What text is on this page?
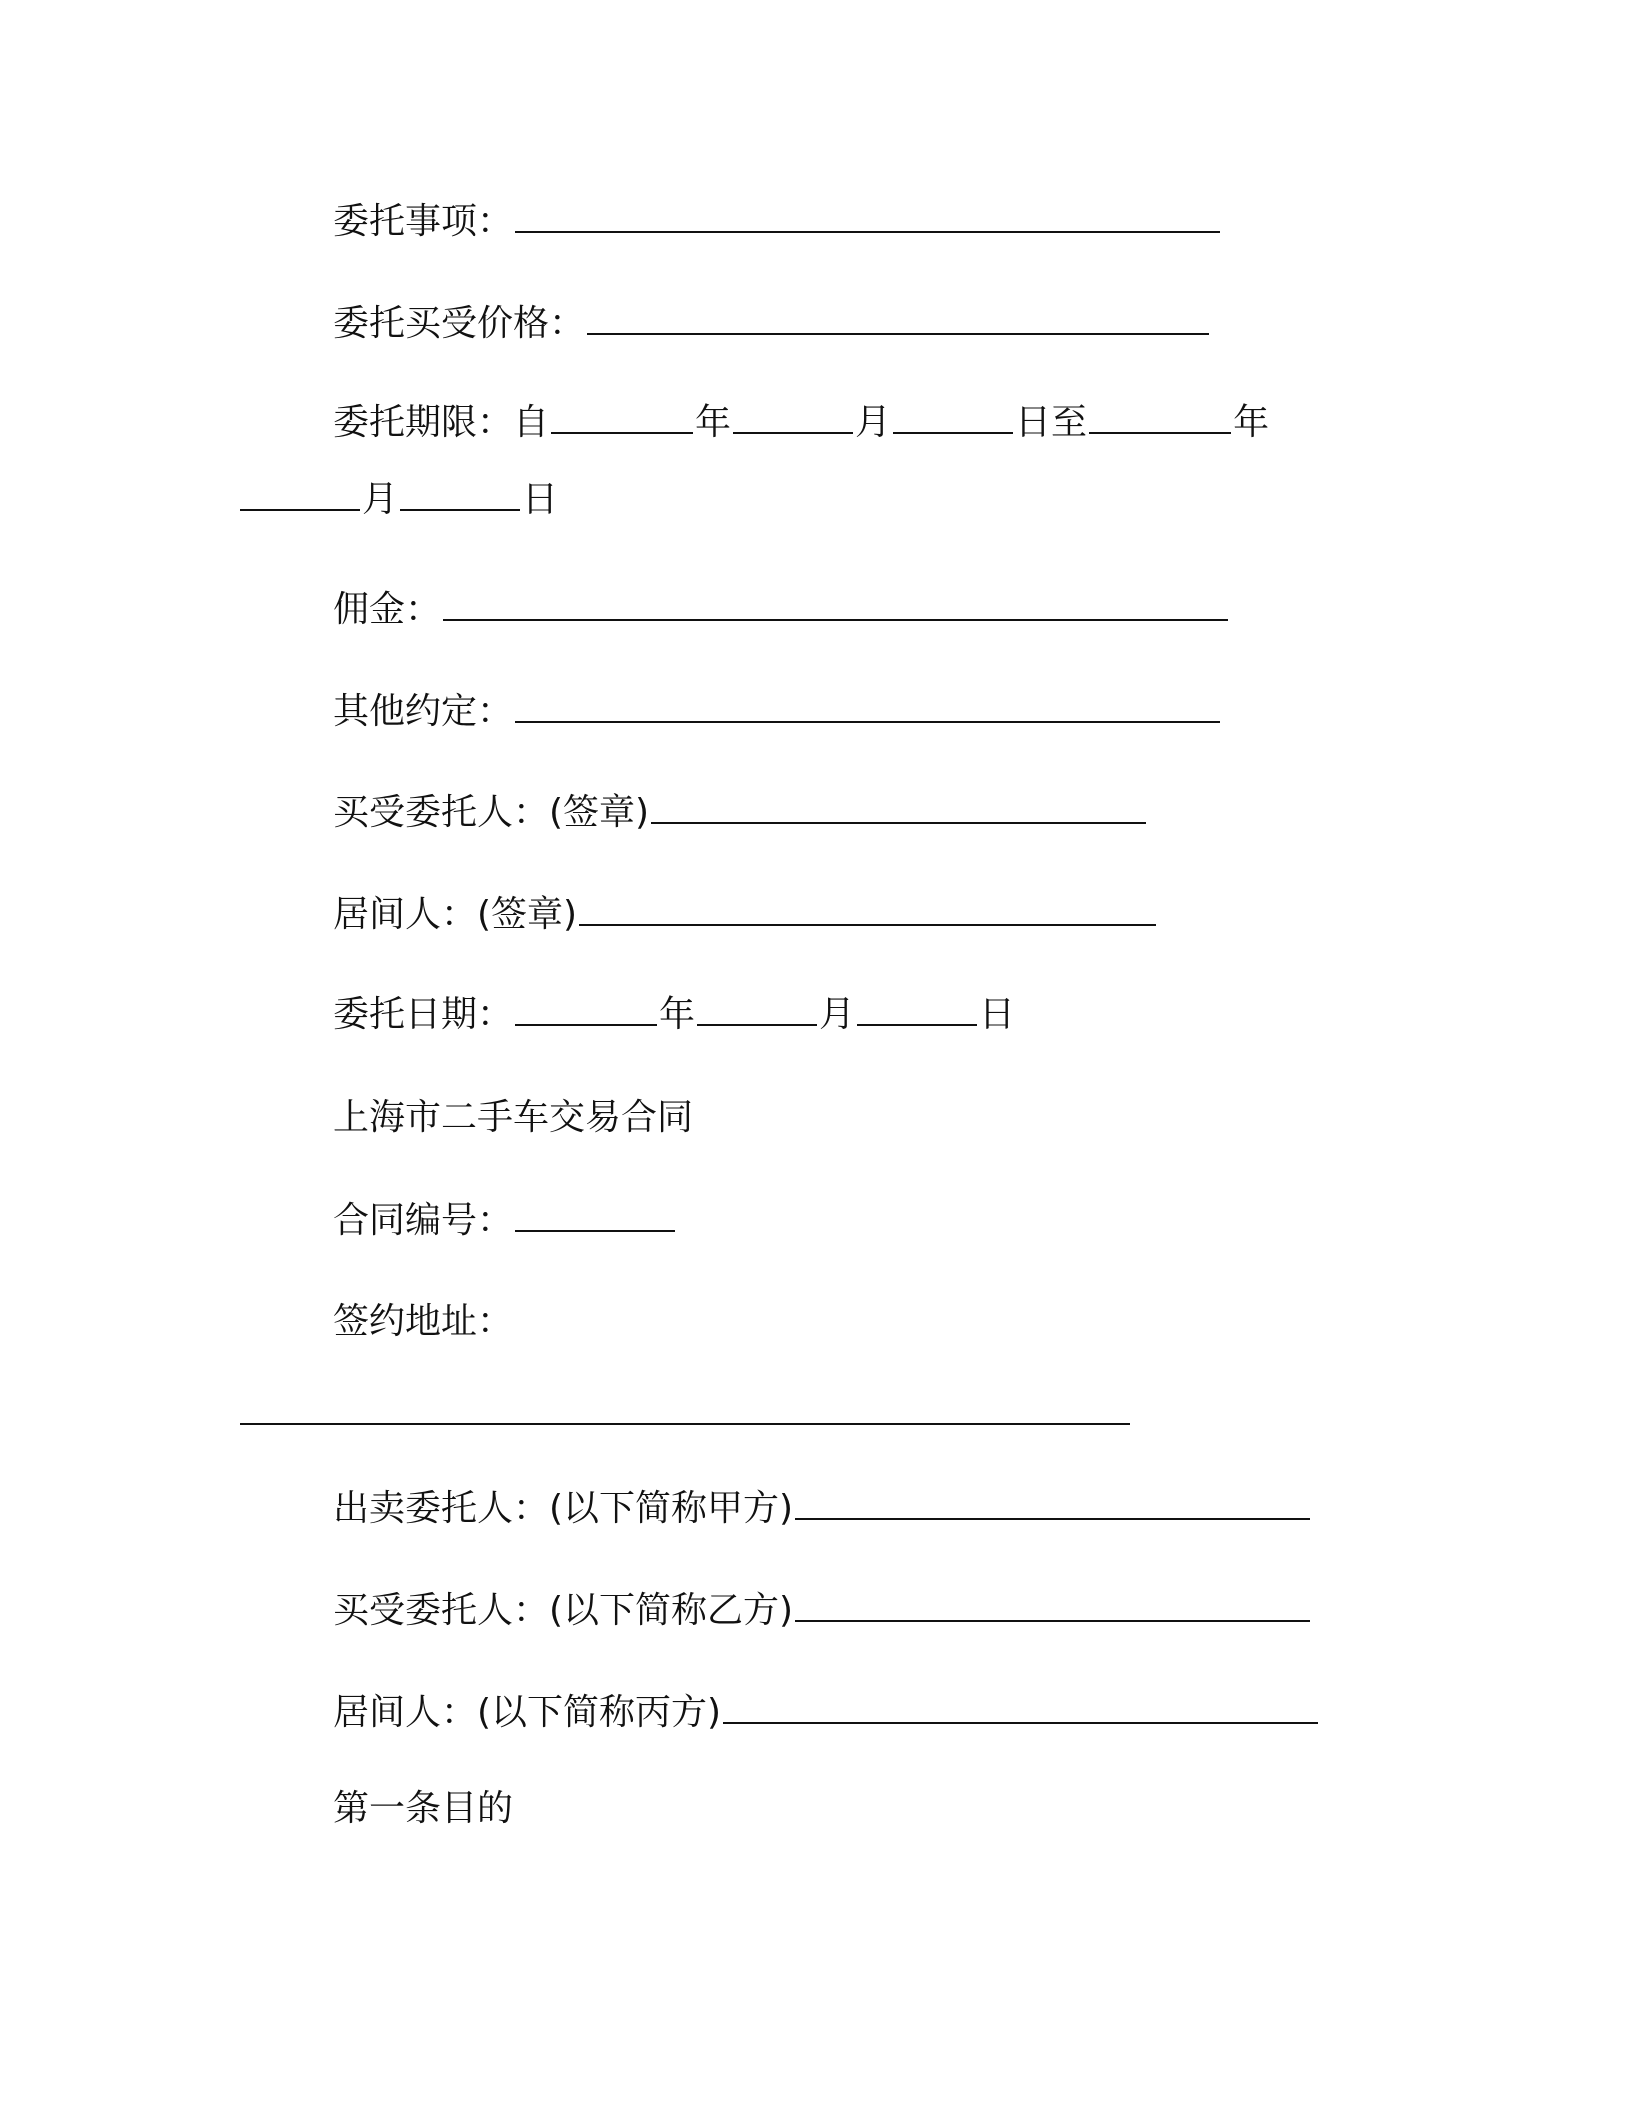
委托事项：
委托买受价格：
委托期限：自	年	月	日至	年
月	日
佣金：
其他约定：
买受委托人：(签章)
居间人：(签章)
委托日期：	年	月	日
上海市二手车交易合同
合同编号：
签约地址：
出卖委托人：(以下简称甲方)
买受委托人：(以下简称乙方)
居间人：(以下简称丙方)
第一条目的
